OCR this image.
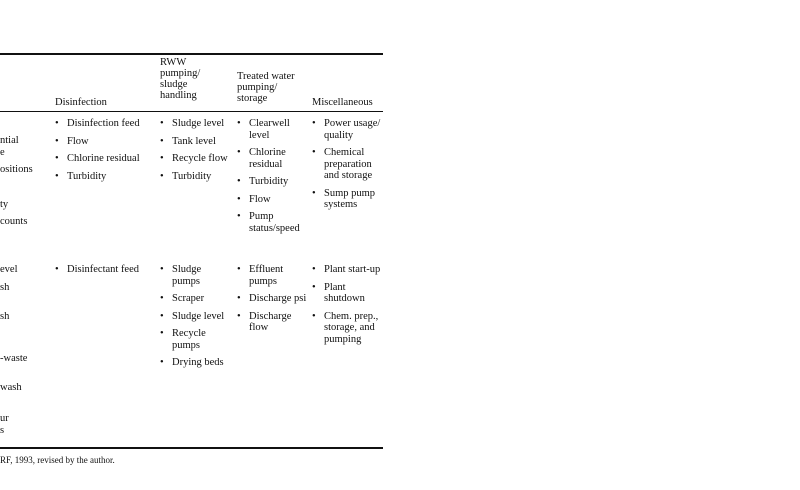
Disinfection
RWW
pumping/
sludge
handling
Treated water
pumping/
storage	Miscellaneous
ntial
e
ositions
ty
counts
evel
sh
sh
-waste
wash
ur
s
• Disinfection feed
• Flow
• Chlorine residual
• Turbidity
• Sludge level
• Tank level
• Recycle flow
• Turbidity
• Clearwell level
• Chlorine residual
• Turbidity
• Flow
• Pump status/speed
• Power usage/ quality
• Chemical preparation and storage
• Sump pump systems
• Disinfectant feed	• Sludge pumps
• Scraper
• Sludge level
• Recycle pumps
• Drying beds
• Effluent pumps
• Discharge psi
• Discharge flow
• Plant start-up
• Plant shutdown
• Chem. prep., storage, and pumping
RF, 1993, revised by the author.
